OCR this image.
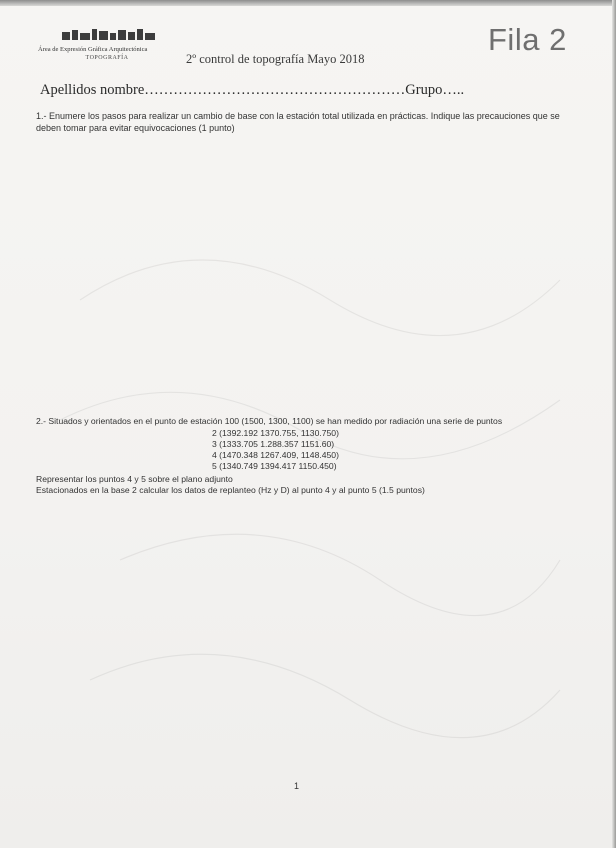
Área de Expresión Gráfica Arquitectónica
TOPOGRAFÍA	2º control de topografía Mayo 2018
Fila 2
Apellidos nombre………………………………………………Grupo…..
1.- Enumere los pasos para realizar un cambio de base con la estación total utilizada en prácticas. Indique las precauciones que se deben tomar para evitar equivocaciones (1 punto)

2.- Situados y orientados en el punto de estación 100 (1500, 1300, 1100) se han medido por radiación una serie de puntos

2 (1392.192 1370.755, 1130.750)
3 (1333.705 1.288.357 1151.60)
4 (1470.348 1267.409, 1148.450)
5 (1340.749 1394.417 1150.450)

Representar los puntos 4 y 5 sobre el plano adjunto

Estacionados en la base 2 calcular los datos de replanteo (Hz y D) al punto 4 y al punto 5 (1.5 puntos)

1
